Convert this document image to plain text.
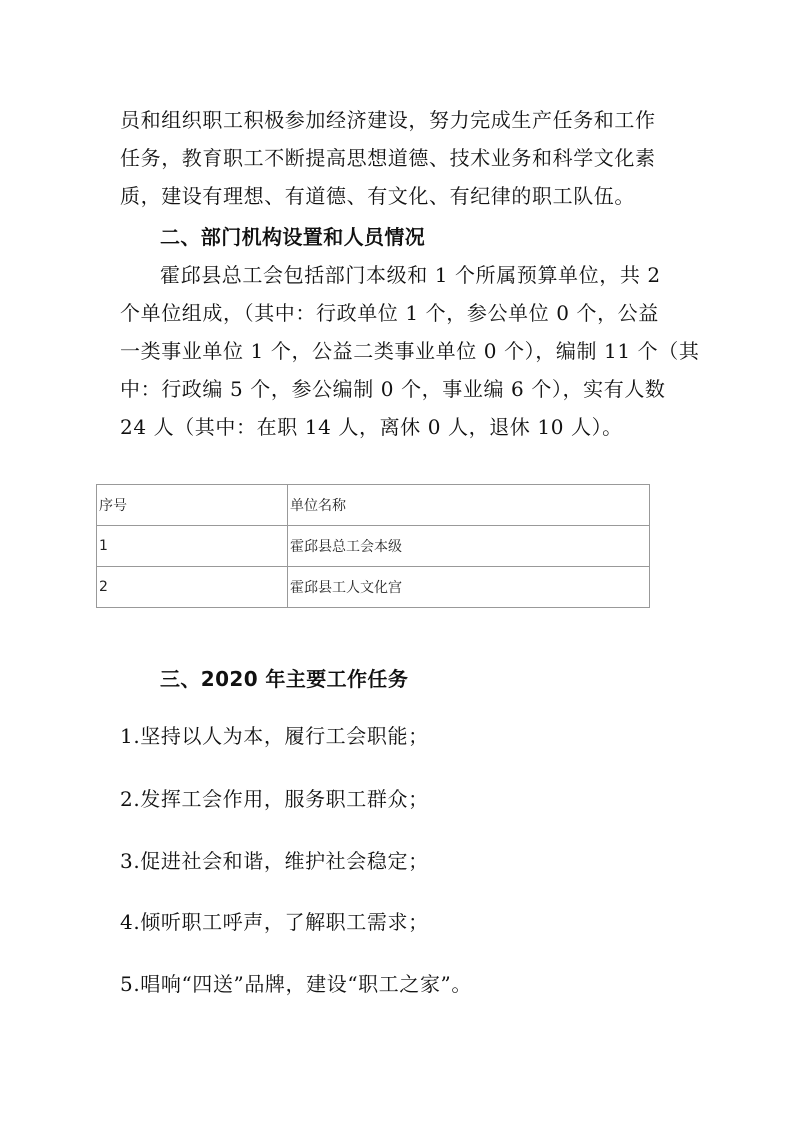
员和组织职工积极参加经济建设，努力完成生产任务和工作
任务，教育职工不断提高思想道德、技术业务和科学文化素
质，建设有理想、有道德、有文化、有纪律的职工队伍。
二、部门机构设置和人员情况
霍邱县总工会包括部门本级和 1 个所属预算单位，共 2
个单位组成，（其中：行政单位 1 个，参公单位 0 个，公益
一类事业单位 1 个，公益二类事业单位 0 个），编制 11 个（其
中：行政编 5 个，参公编制 0 个，事业编 6 个），实有人数
24 人（其中：在职 14 人，离休 0 人，退休 10 人）。
序号	单位名称
1	霍邱县总工会本级
2	霍邱县工人文化宫
三、2020 年主要工作任务
1.坚持以人为本，履行工会职能；
2.发挥工会作用，服务职工群众；
3.促进社会和谐，维护社会稳定；
4.倾听职工呼声，了解职工需求；
5.唱响“四送”品牌，建设“职工之家”。
